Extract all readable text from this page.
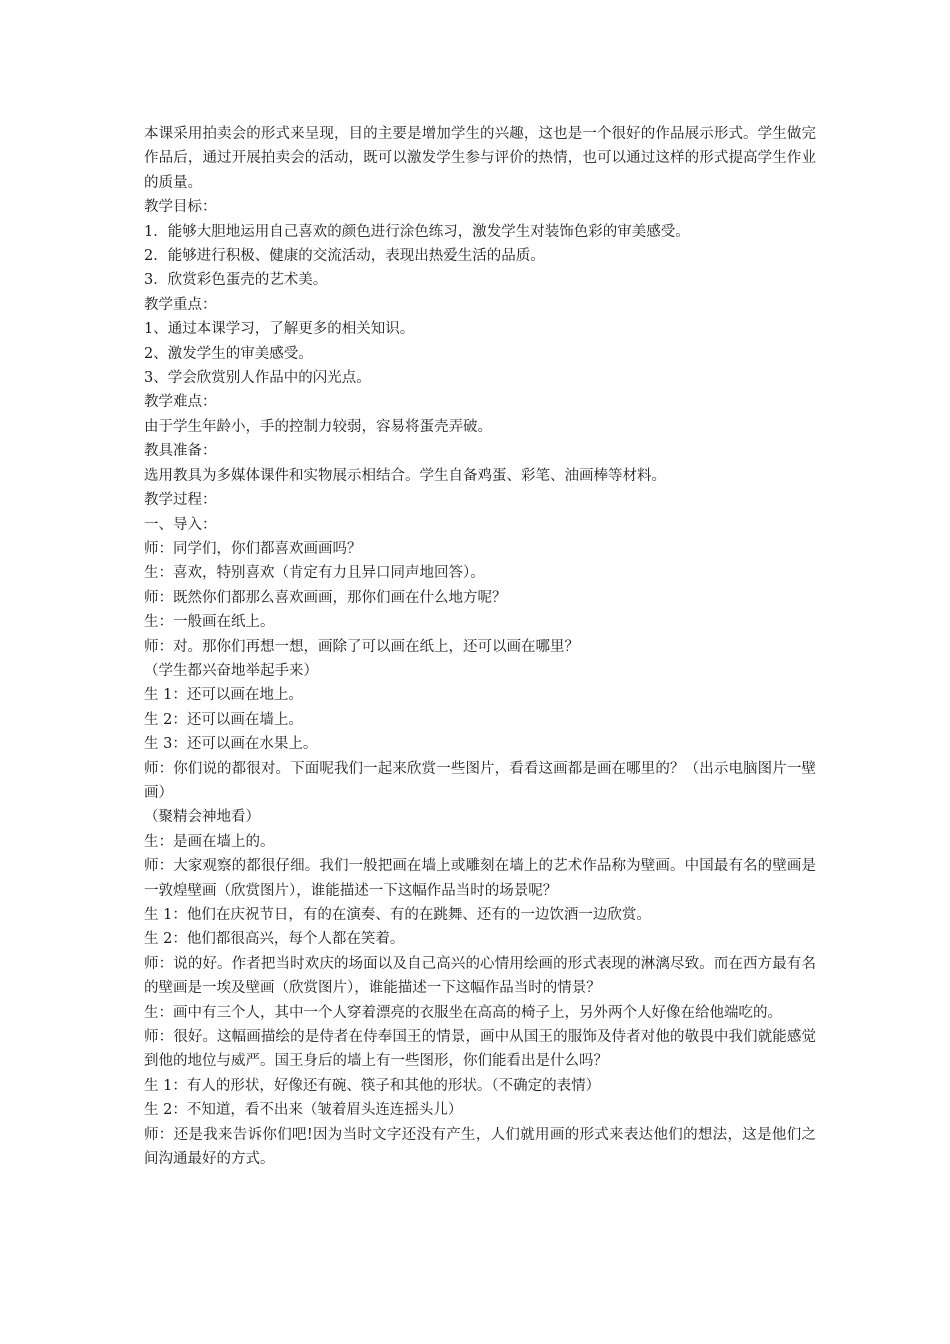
本课采用拍卖会的形式来呈现，目的主要是增加学生的兴趣，这也是一个很好的作品展示形式。学生做完作品后，通过开展拍卖会的活动，既可以激发学生参与评价的热情，也可以通过这样的形式提高学生作业的质量。

教学目标：

1．能够大胆地运用自己喜欢的颜色进行涂色练习，激发学生对装饰色彩的审美感受。

2．能够进行积极、健康的交流活动，表现出热爱生活的品质。

3．欣赏彩色蛋壳的艺术美。

教学重点：

1、通过本课学习，了解更多的相关知识。

2、激发学生的审美感受。

3、学会欣赏别人作品中的闪光点。

教学难点：

由于学生年龄小，手的控制力较弱，容易将蛋壳弄破。

教具准备：

选用教具为多媒体课件和实物展示相结合。学生自备鸡蛋、彩笔、油画棒等材料。

教学过程：

一、导入：

师：同学们，你们都喜欢画画吗？

生：喜欢，特别喜欢（肯定有力且异口同声地回答）。

师：既然你们都那么喜欢画画，那你们画在什么地方呢？

生：一般画在纸上。

师：对。那你们再想一想，画除了可以画在纸上，还可以画在哪里？

（学生都兴奋地举起手来）

生 1：还可以画在地上。

生 2：还可以画在墙上。

生 3：还可以画在水果上。

师：你们说的都很对。下面呢我们一起来欣赏一些图片，看看这画都是画在哪里的？（出示电脑图片一壁画）

（聚精会神地看）

生：是画在墙上的。

师：大家观察的都很仔细。我们一般把画在墙上或雕刻在墙上的艺术作品称为壁画。中国最有名的壁画是一敦煌壁画（欣赏图片），谁能描述一下这幅作品当时的场景呢？

生 1：他们在庆祝节日，有的在演奏、有的在跳舞、还有的一边饮酒一边欣赏。

生 2：他们都很高兴，每个人都在笑着。

师：说的好。作者把当时欢庆的场面以及自己高兴的心情用绘画的形式表现的淋漓尽致。而在西方最有名的壁画是一埃及壁画（欣赏图片），谁能描述一下这幅作品当时的情景？

生：画中有三个人，其中一个人穿着漂亮的衣服坐在高高的椅子上，另外两个人好像在给他端吃的。

师：很好。这幅画描绘的是侍者在侍奉国王的情景，画中从国王的服饰及侍者对他的敬畏中我们就能感觉到他的地位与威严。国王身后的墙上有一些图形，你们能看出是什么吗？

生 1：有人的形状，好像还有碗、筷子和其他的形状。（不确定的表情）

生 2：不知道，看不出来（皱着眉头连连摇头儿）

师：还是我来告诉你们吧!因为当时文字还没有产生，人们就用画的形式来表达他们的想法，这是他们之间沟通最好的方式。
